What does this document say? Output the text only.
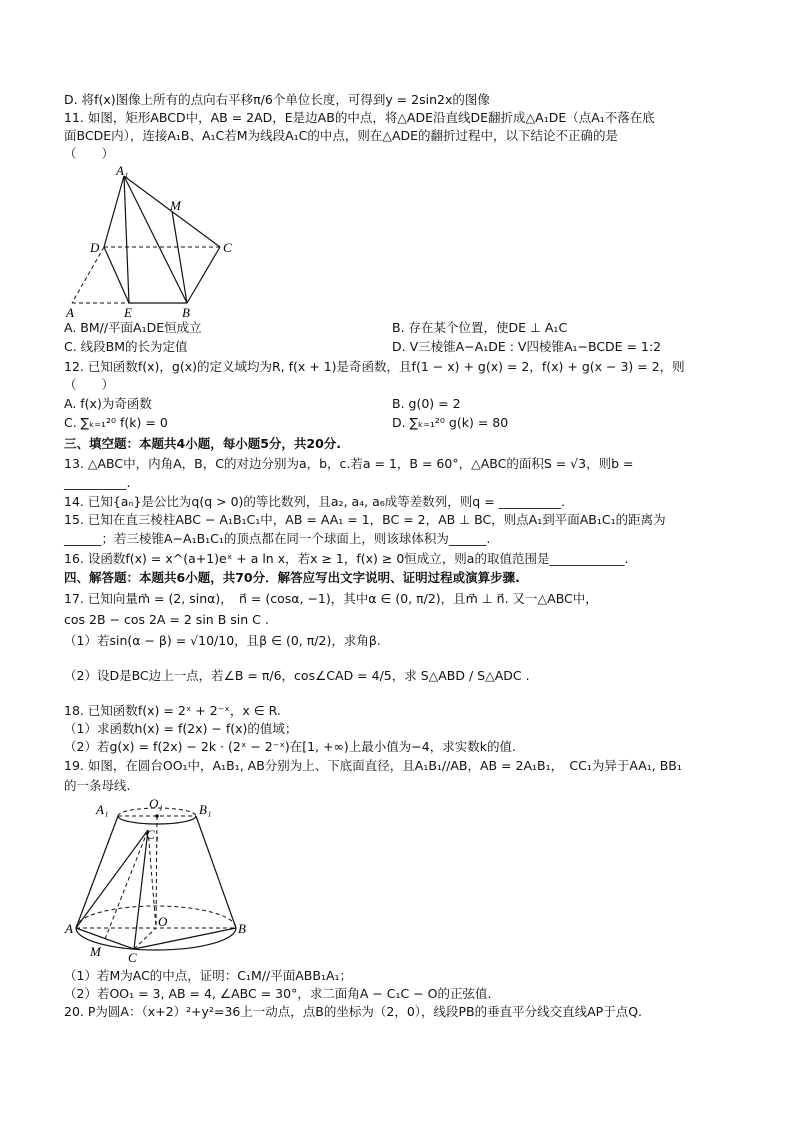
D. 将f(x)图像上所有的点向右平移π/6个单位长度，可得到y = 2sin2x的图像
11. 如图，矩形ABCD中，AB = 2AD，E是边AB的中点，将△ADE沿直线DE翻折成△A₁DE（点A₁不落在底
面BCDE内），连接A₁B、A₁C若M为线段A₁C的中点，则在△ADE的翻折过程中，以下结论不正确的是
（　　）
A₁
M
D	C
A	E	B
A. BM//平面A₁DE恒成立	B. 存在某个位置，使DE ⊥ A₁C
C. 线段BM的长为定值	D. V三棱锥A−A₁DE : V四棱锥A₁−BCDE = 1:2
12. 已知函数f(x)，g(x)的定义域均为R, f(x + 1)是奇函数，且f(1 − x) + g(x) = 2，f(x) + g(x − 3) = 2，则
（　　）
A. f(x)为奇函数	B. g(0) = 2
C. ∑ₖ₌₁²⁰ f(k) = 0	D. ∑ₖ₌₁²⁰ g(k) = 80
三、填空题：本题共4小题，每小题5分，共20分.
13. △ABC中，内角A，B，C的对边分别为a，b，c.若a = 1，B = 60°，△ABC的面积S = √3，则b =
__________.
14. 已知{aₙ}是公比为q(q > 0)的等比数列，且a₂, a₄, a₆成等差数列，则q = __________.
15. 已知在直三棱柱ABC − A₁B₁C₁中，AB = AA₁ = 1，BC = 2，AB ⊥ BC，则点A₁到平面AB₁C₁的距离为
______；若三棱锥A−A₁B₁C₁的顶点都在同一个球面上，则该球体积为______.
16. 设函数f(x) = x^(a+1)eˣ + a ln x，若x ≥ 1，f(x) ≥ 0恒成立，则a的取值范围是____________.
四、解答题：本题共6小题，共70分．解答应写出文字说明、证明过程或演算步骤.
17. 已知向量m⃗ = (2, sinα)，　n⃗ = (cosα, −1)，其中α ∈ (0, π/2)，且m⃗ ⊥ n⃗. 又一△ABC中，
cos 2B − cos 2A = 2 sin B sin C .
（1）若sin(α − β) = √10/10，且β ∈ (0, π/2)，求角β.
（2）设D是BC边上一点，若∠B = π/6，cos∠CAD = 4/5，求 S△ABD / S△ADC .
18. 已知函数f(x) = 2ˣ + 2⁻ˣ，x ∈ R.
（1）求函数h(x) = f(2x) − f(x)的值域；
（2）若g(x) = f(2x) − 2k · (2ˣ − 2⁻ˣ)在[1, +∞)上最小值为−4，求实数k的值.
19. 如图，在圆台OO₁中，A₁B₁, AB分别为上、下底面直径，且A₁B₁//AB，AB = 2A₁B₁，　CC₁为异于AA₁, BB₁
的一条母线.
O₁
A₁	B₁
C₁
O
A	B
M C
（1）若M为AC的中点，证明：C₁M//平面ABB₁A₁；
（2）若OO₁ = 3, AB = 4, ∠ABC = 30°，求二面角A − C₁C − O的正弦值.
20. P为圆A：（x+2）²+y²=36上一动点，点B的坐标为（2，0），线段PB的垂直平分线交直线AP于点Q.
